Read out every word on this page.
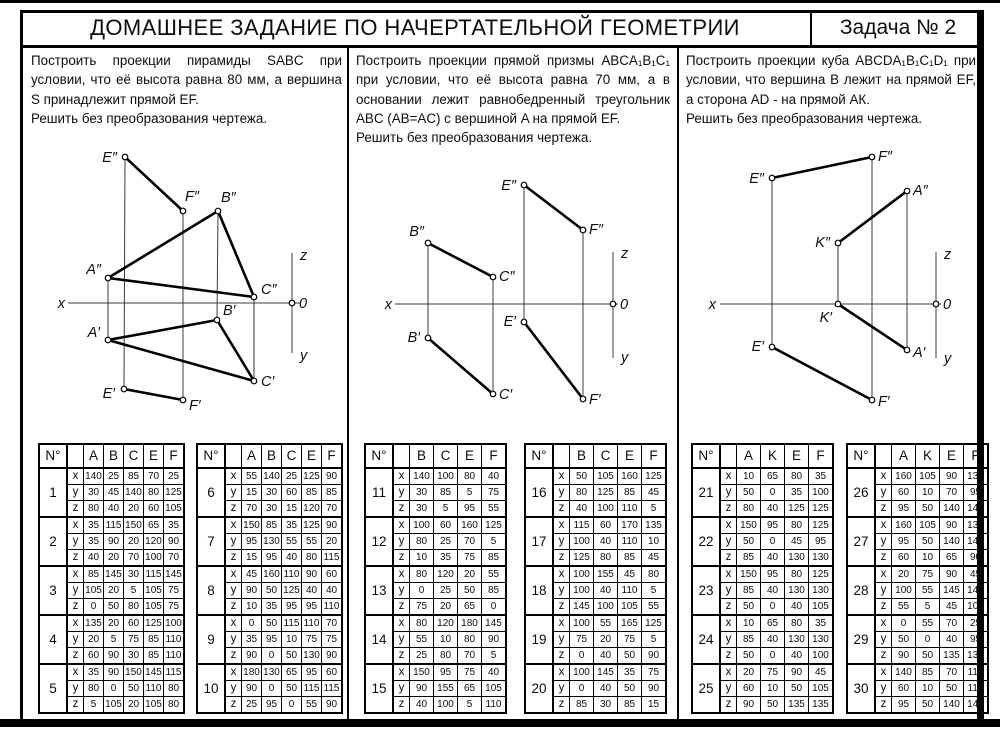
ДОМАШНЕЕ ЗАДАНИЕ ПО НАЧЕРТАТЕЛЬНОЙ ГЕОМЕТРИИ	Задача № 2
Построить проекции пирамиды SABC при условии, что её высота равна 80 мм, а вершина S принадлежит прямой EF.
Решить без преобразования чертежа.
Построить проекции прямой призмы ABCA₁B₁C₁ при условии, что её высота равна 70 мм, а в основании лежит равнобедренный треугольник ABC (AB=AC) с вершиной A на прямой EF.
Решить без преобразования чертежа.
Построить проекции куба ABCDA₁B₁C₁D₁ при условии, что вершина B лежит на прямой EF, а сторона AD - на прямой АК.
Решить без преобразования чертежа.
E″
F″ B″
A″
C″
B′
A′
C′
E′
F′
x
z
0
y
E″
F″
B″
C″
E′
B′
C′	F′
x
z
0
y
F″
E″
A″
K″
K′
A′
E′
F′
x
z
0
y
N°		A	B	C	E	F
1	x	140	25	85	70	25
	y	30	45	140	80	125
	z	80	40	20	60	105
2	x	35	115	150	65	35
	y	35	90	20	120	90
	z	40	20	70	100	70
3	x	85	145	30	115	145
	y	105	20	5	105	75
	z	0	50	80	105	75
4	x	135	20	60	125	100
	y	20	5	75	85	110
	z	60	90	30	85	110
5	x	35	90	150	145	115
	y	80	0	50	110	80
	z	5	105	20	105	80
N°		A	B	C	E	F
6	x	55	140	25	125	90
	y	15	30	60	85	85
	z	70	30	15	120	70
7	x	150	85	35	125	90
	y	95	130	55	55	20
	z	15	95	40	80	115
8	x	45	160	110	90	60
	y	90	50	125	40	40
	z	10	35	95	95	110
9	x	0	50	115	110	70
	y	35	95	10	75	75
	z	90	0	50	130	90
10	x	180	130	65	95	60
	y	90	0	50	115	115
	z	25	95	0	55	90
N°		B	C	E	F
11	x	140	100	80	40
	y	30	85	5	75
	z	30	5	95	55
12	x	100	60	160	125
	y	80	25	70	5
	z	10	35	75	85
13	x	80	120	20	55
	y	0	25	50	85
	z	75	20	65	0
14	x	80	120	180	145
	y	55	10	80	90
	z	25	80	70	5
15	x	150	95	75	40
	y	90	155	65	105
	z	40	100	5	110
N°		B	C	E	F
16	x	50	105	160	125
	y	80	125	85	45
	z	40	100	110	5
17	x	115	60	170	135
	y	100	40	110	10
	z	125	80	85	45
18	x	100	155	45	80
	y	100	40	110	5
	z	145	100	105	55
19	x	100	55	165	125
	y	75	20	75	5
	z	0	40	50	90
20	x	100	145	35	75
	y	0	40	50	90
	z	85	30	85	15
N°		A	K	E	F
21	x	10	65	80	35
	y	50	0	35	100
	z	80	40	125	125
22	x	150	95	80	125
	y	50	0	45	95
	z	85	40	130	130
23	x	150	95	80	125
	y	85	40	130	130
	z	50	0	40	105
24	x	10	65	80	35
	y	85	40	130	130
	z	50	0	40	100
25	x	20	75	90	45
	y	60	10	50	105
	z	90	50	135	135
N°		A	K	E	F
26	x	160	105	90	135
	y	60	10	70	95
	z	95	50	140	140
27	x	160	105	90	135
	y	95	50	140	140
	z	60	10	65	90
28	x	20	75	90	45
	y	100	55	145	145
	z	55	5	45	100
29	x	0	55	70	25
	y	50	0	40	95
	z	90	50	135	135
30	x	140	85	70	115
	y	60	10	50	110
	z	95	50	140	140
